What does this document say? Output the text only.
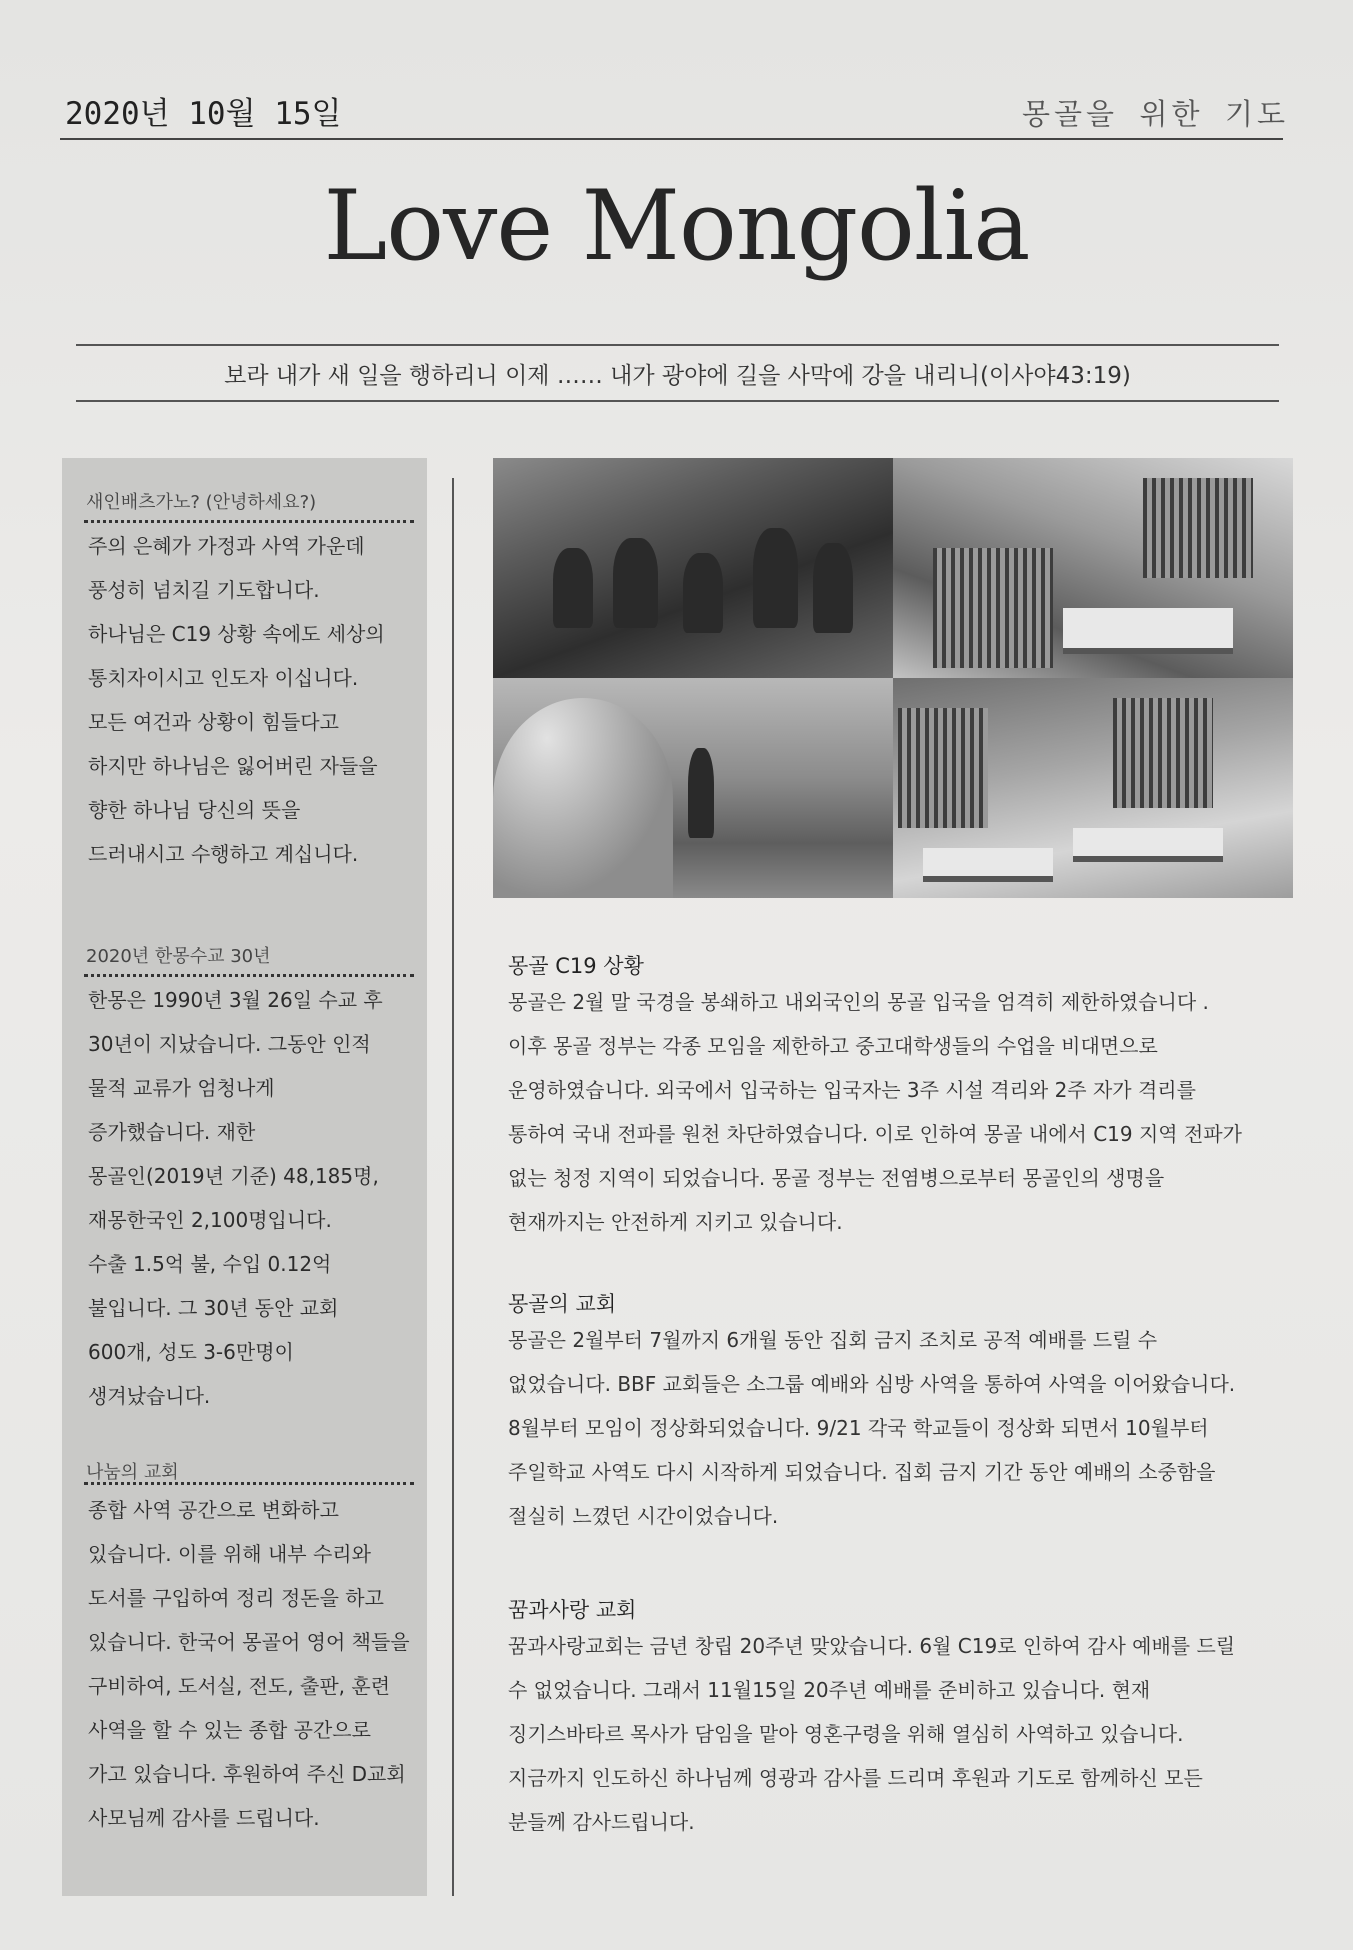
2020년 10월 15일	몽골을 위한 기도
Love Mongolia
보라 내가 새 일을 행하리니 이제 …… 내가 광야에 길을 사막에 강을 내리니(이사야43:19)
새인배츠가노? (안녕하세요?)
주의 은혜가 가정과 사역 가운데
풍성히 넘치길 기도합니다.
하나님은 C19 상황 속에도 세상의
통치자이시고 인도자 이십니다.
모든 여건과 상황이 힘들다고
하지만 하나님은 잃어버린 자들을
향한 하나님 당신의 뜻을
드러내시고 수행하고 계십니다.
2020년 한몽수교 30년
한몽은 1990년 3월 26일 수교 후
30년이 지났습니다. 그동안 인적
물적 교류가 엄청나게
증가했습니다. 재한
몽골인(2019년 기준) 48,185명,
재몽한국인 2,100명입니다.
수출 1.5억 불, 수입 0.12억
불입니다. 그 30년 동안 교회
600개, 성도 3-6만명이
생겨났습니다.
나눔의 교회
종합 사역 공간으로 변화하고
있습니다. 이를 위해 내부 수리와
도서를 구입하여 정리 정돈을 하고
있습니다. 한국어 몽골어 영어 책들을
구비하여, 도서실, 전도, 출판, 훈련
사역을 할 수 있는 종합 공간으로
가고 있습니다. 후원하여 주신 D교회
사모님께 감사를 드립니다.
몽골 C19 상황
몽골은 2월 말 국경을 봉쇄하고 내외국인의 몽골 입국을 엄격히 제한하였습니다 .
이후 몽골 정부는 각종 모임을 제한하고 중고대학생들의 수업을 비대면으로
운영하였습니다. 외국에서 입국하는 입국자는 3주 시설 격리와 2주 자가 격리를
통하여 국내 전파를 원천 차단하였습니다. 이로 인하여 몽골 내에서 C19 지역 전파가
없는 청정 지역이 되었습니다. 몽골 정부는 전염병으로부터 몽골인의 생명을
현재까지는 안전하게 지키고 있습니다.
몽골의 교회
몽골은 2월부터 7월까지 6개월 동안 집회 금지 조치로 공적 예배를 드릴 수
없었습니다. BBF 교회들은 소그룹 예배와 심방 사역을 통하여 사역을 이어왔습니다.
8월부터 모임이 정상화되었습니다. 9/21 각국 학교들이 정상화 되면서 10월부터
주일학교 사역도 다시 시작하게 되었습니다. 집회 금지 기간 동안 예배의 소중함을
절실히 느꼈던 시간이었습니다.
꿈과사랑 교회
꿈과사랑교회는 금년 창립 20주년 맞았습니다. 6월 C19로 인하여 감사 예배를 드릴
수 없었습니다. 그래서 11월15일 20주년 예배를 준비하고 있습니다. 현재
징기스바타르 목사가 담임을 맡아 영혼구령을 위해 열심히 사역하고 있습니다.
지금까지 인도하신 하나님께 영광과 감사를 드리며 후원과 기도로 함께하신 모든
분들께 감사드립니다.
